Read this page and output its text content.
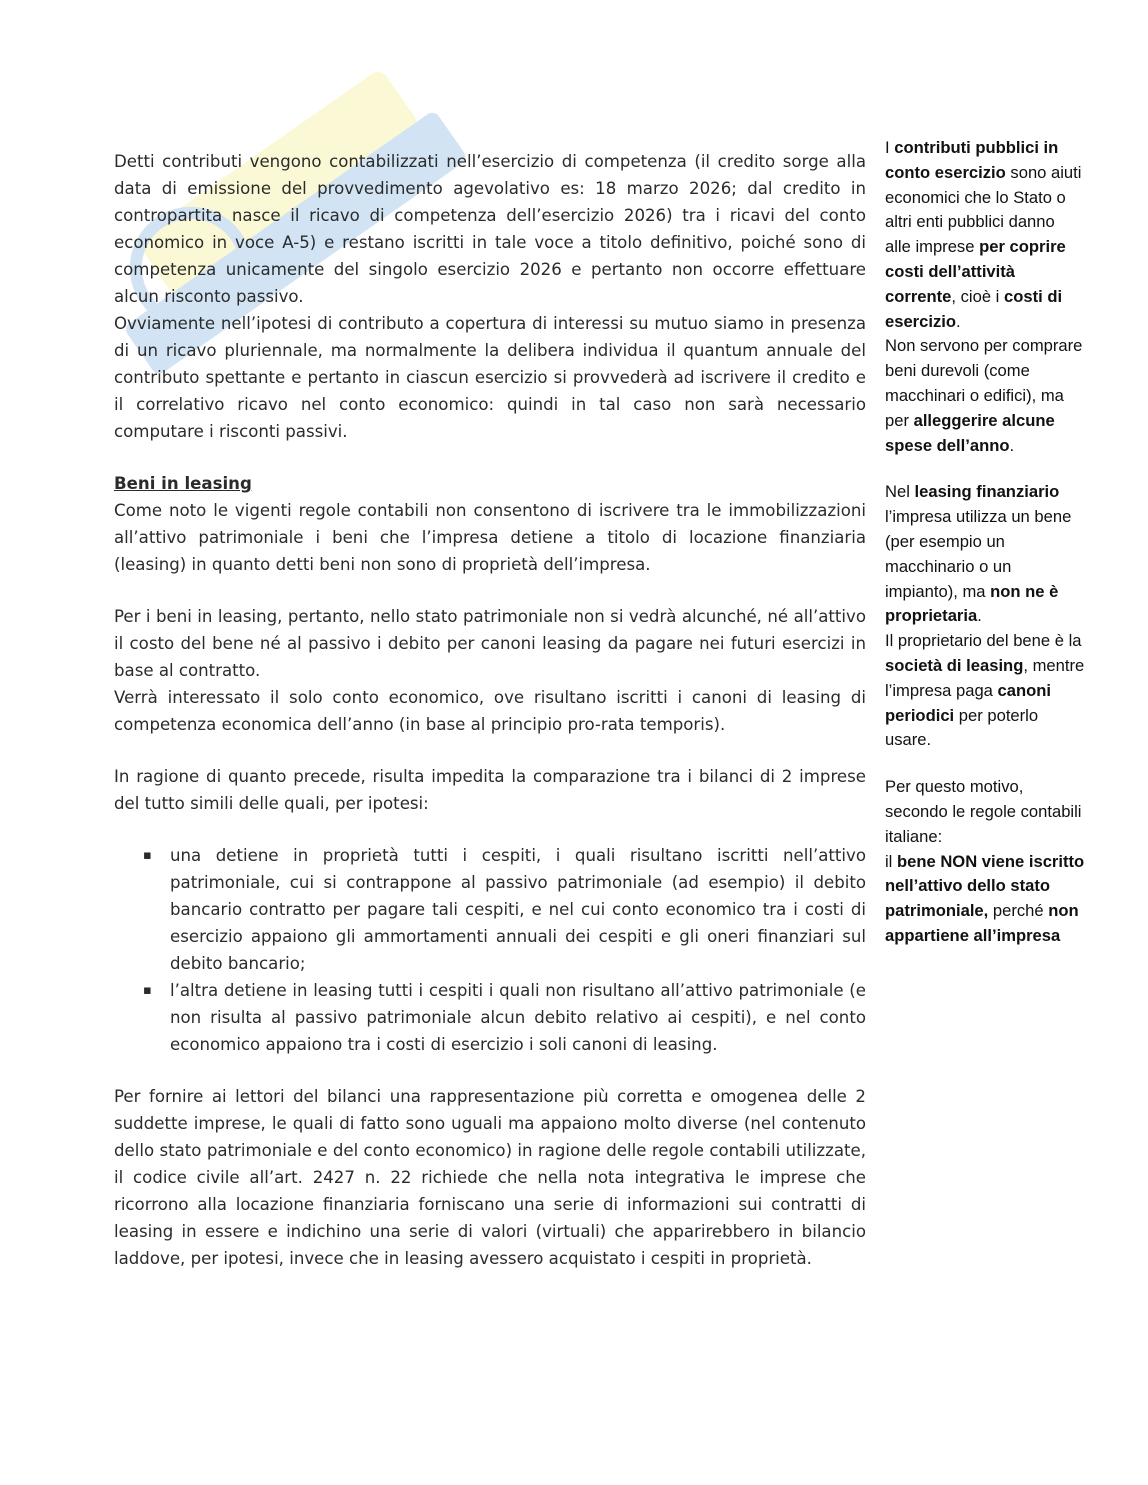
Detti contributi vengono contabilizzati nell’esercizio di competenza (il credito sorge alla data di emissione del provvedimento agevolativo es: 18 marzo 2026; dal credito in contropartita nasce il ricavo di competenza dell’esercizio 2026) tra i ricavi del conto economico in voce A-5) e restano iscritti in tale voce a titolo definitivo, poiché sono di competenza unicamente del singolo esercizio 2026 e pertanto non occorre effettuare alcun risconto passivo.

Ovviamente nell’ipotesi di contributo a copertura di interessi su mutuo siamo in presenza di un ricavo pluriennale, ma normalmente la delibera individua il quantum annuale del contributo spettante e pertanto in ciascun esercizio si provvederà ad iscrivere il credito e il correlativo ricavo nel conto economico: quindi in tal caso non sarà necessario computare i risconti passivi.

Beni in leasing

Come noto le vigenti regole contabili non consentono di iscrivere tra le immobilizzazioni all’attivo patrimoniale i beni che l’impresa detiene a titolo di locazione finanziaria (leasing) in quanto detti beni non sono di proprietà dell’impresa.

Per i beni in leasing, pertanto, nello stato patrimoniale non si vedrà alcunché, né all’attivo il costo del bene né al passivo i debito per canoni leasing da pagare nei futuri esercizi in base al contratto.

Verrà interessato il solo conto economico, ove risultano iscritti i canoni di leasing di competenza economica dell’anno (in base al principio pro-rata temporis).

In ragione di quanto precede, risulta impedita la comparazione tra i bilanci di 2 imprese del tutto simili delle quali, per ipotesi:

▪ una detiene in proprietà tutti i cespiti, i quali risultano iscritti nell’attivo patrimoniale, cui si contrappone al passivo patrimoniale (ad esempio) il debito bancario contratto per pagare tali cespiti, e nel cui conto economico tra i costi di esercizio appaiono gli ammortamenti annuali dei cespiti e gli oneri finanziari sul debito bancario;
▪ l’altra detiene in leasing tutti i cespiti i quali non risultano all’attivo patrimoniale (e non risulta al passivo patrimoniale alcun debito relativo ai cespiti), e nel conto economico appaiono tra i costi di esercizio i soli canoni di leasing.

Per fornire ai lettori del bilanci una rappresentazione più corretta e omogenea delle 2 suddette imprese, le quali di fatto sono uguali ma appaiono molto diverse (nel contenuto dello stato patrimoniale e del conto economico) in ragione delle regole contabili utilizzate, il codice civile all’art. 2427 n. 22 richiede che nella nota integrativa le imprese che ricorrono alla locazione finanziaria forniscano una serie di informazioni sui contratti di leasing in essere e indichino una serie di valori (virtuali) che apparirebbero in bilancio laddove, per ipotesi, invece che in leasing avessero acquistato i cespiti in proprietà.

I contributi pubblici in conto esercizio sono aiuti economici che lo Stato o altri enti pubblici danno alle imprese per coprire costi dell’attività corrente, cioè i costi di esercizio.

Non servono per comprare beni durevoli (come macchinari o edifici), ma per alleggerire alcune spese dell’anno.

Nel leasing finanziario l’impresa utilizza un bene (per esempio un macchinario o un impianto), ma non ne è proprietaria.

Il proprietario del bene è la società di leasing, mentre l’impresa paga canoni periodici per poterlo usare.

Per questo motivo, secondo le regole contabili italiane:

il bene NON viene iscritto nell’attivo dello stato patrimoniale, perché non appartiene all’impresa
